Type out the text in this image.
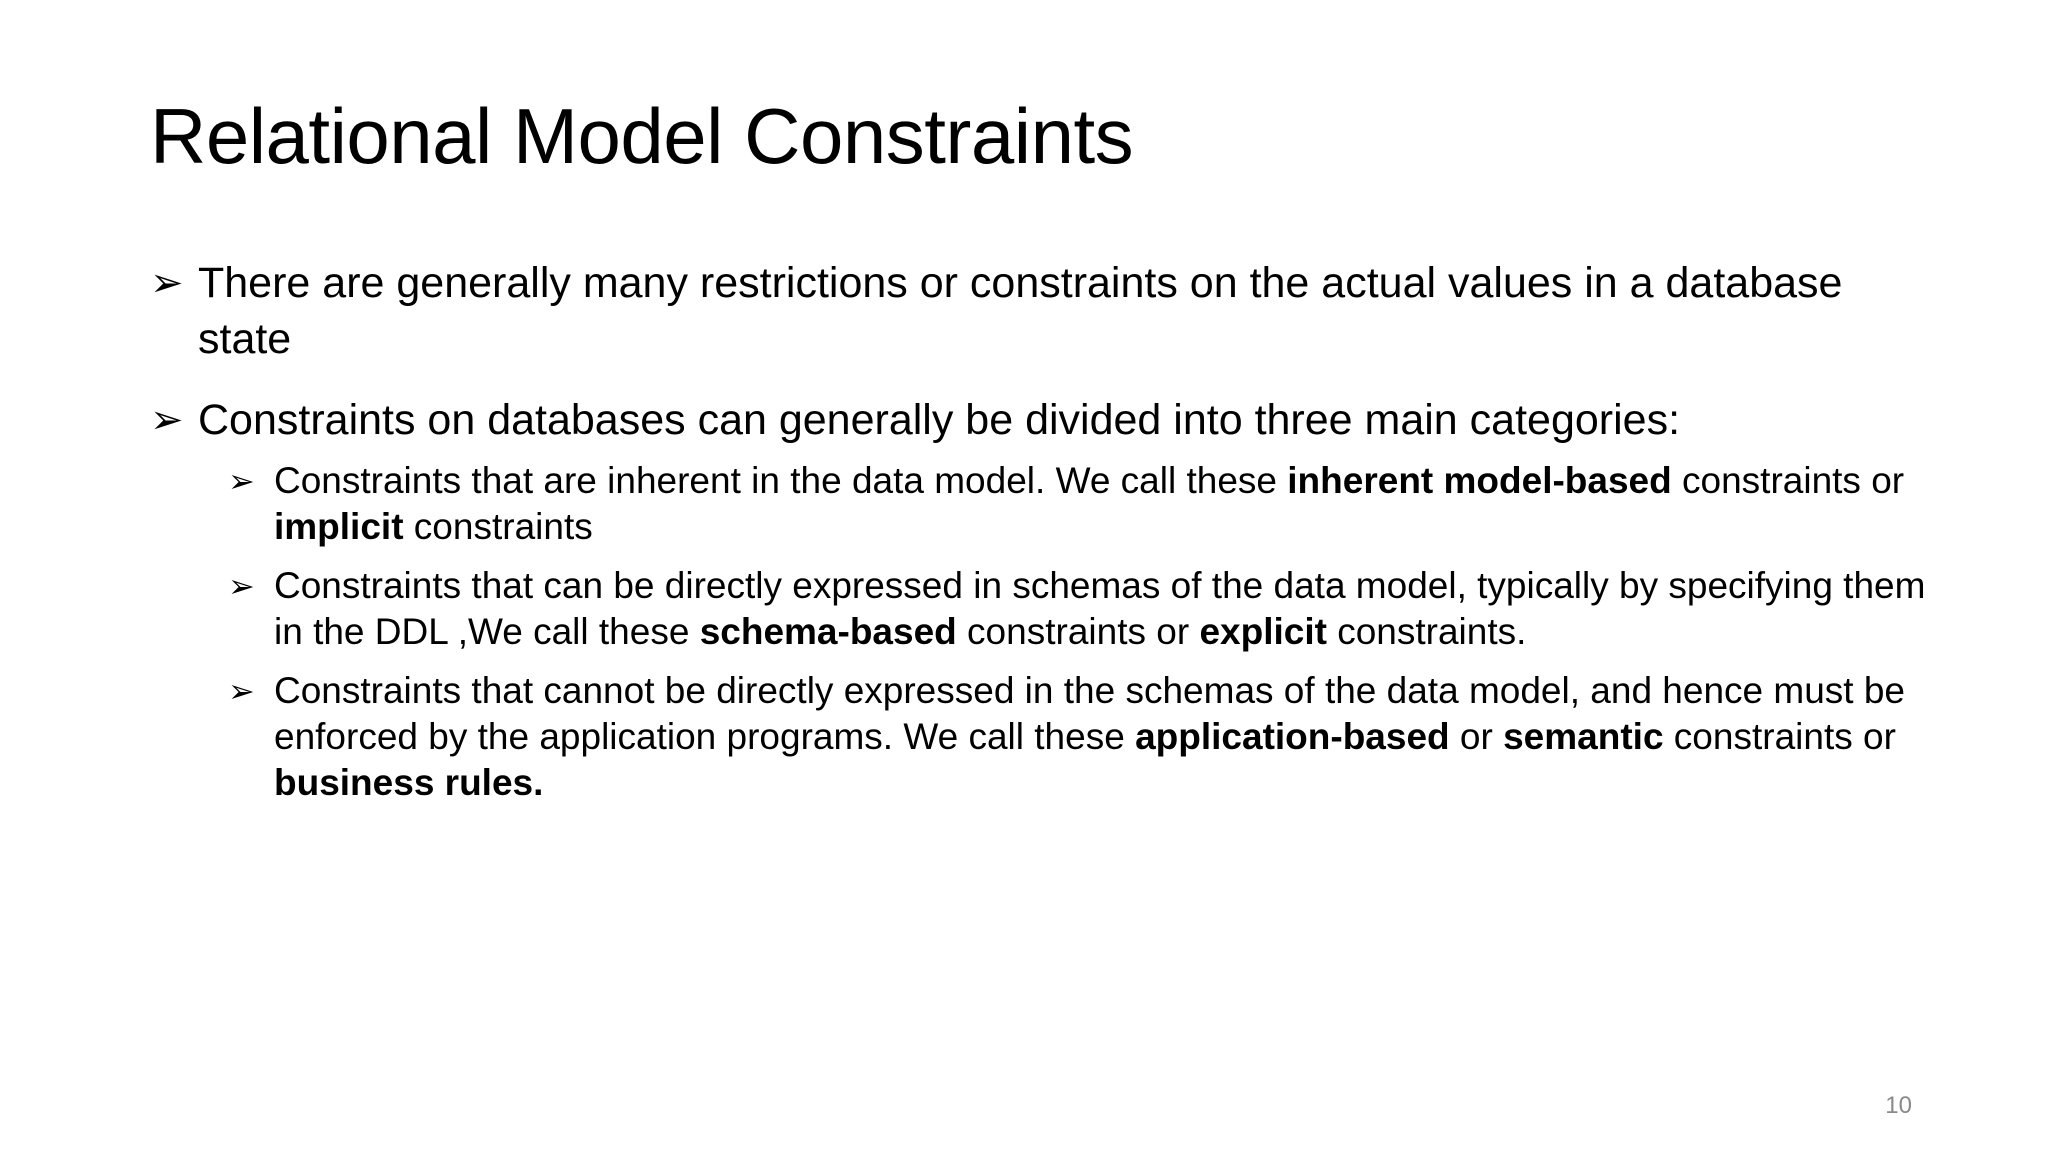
Relational Model Constraints
➢ There are generally many restrictions or constraints on the actual values in a database state
➢ Constraints on databases can generally be divided into three main categories:
➢ Constraints that are inherent in the data model. We call these inherent model-based constraints or implicit constraints
➢ Constraints that can be directly expressed in schemas of the data model, typically by specifying them in the DDL ,We call these schema-based constraints or explicit constraints.
➢ Constraints that cannot be directly expressed in the schemas of the data model, and hence must be enforced by the application programs. We call these application-based or semantic constraints or business rules.
10
